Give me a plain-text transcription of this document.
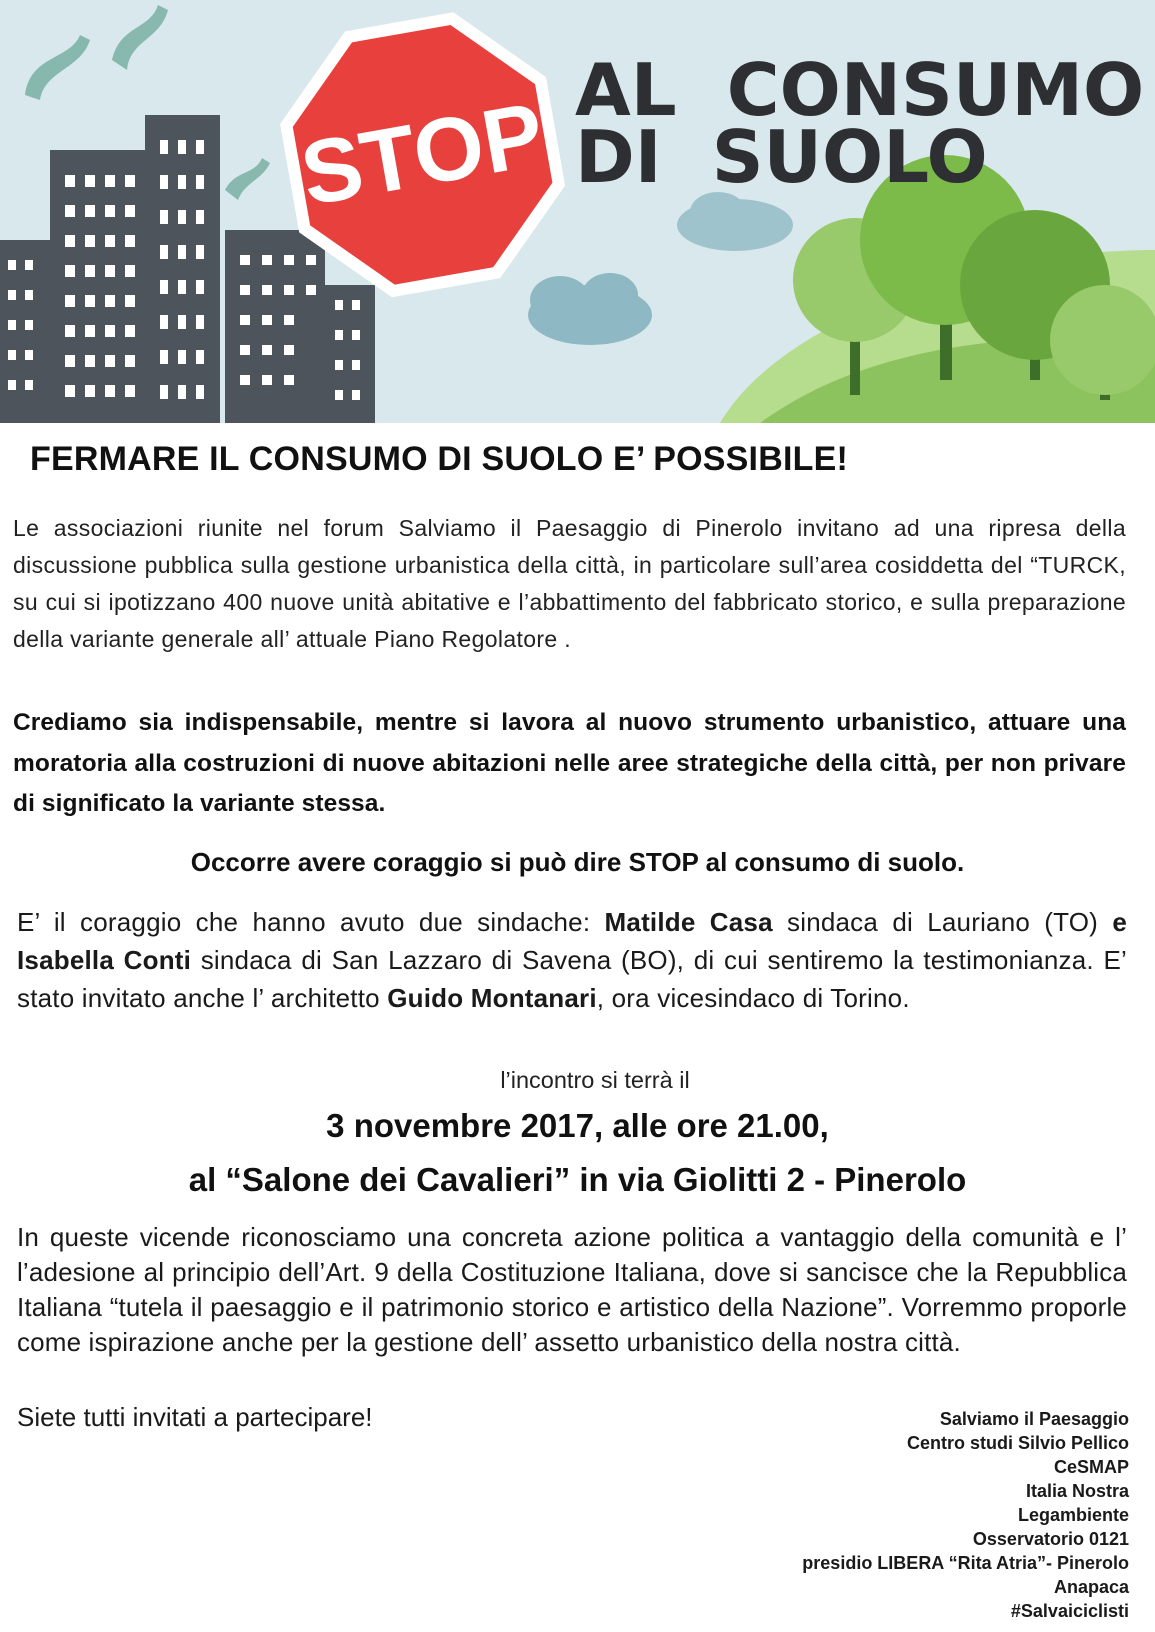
STOP AL  CONSUMO
DI  SUOLO
FERMARE IL CONSUMO DI SUOLO E’ POSSIBILE!

Le associazioni riunite nel forum Salviamo il Paesaggio di Pinerolo invitano ad una ripresa della discussione pubblica sulla gestione urbanistica della città, in particolare sull’area cosiddetta del “TURCK, su cui si ipotizzano 400 nuove unità abitative e l’abbattimento del fabbricato storico, e sulla preparazione della variante generale all’ attuale Piano Regolatore .

Crediamo sia indispensabile, mentre si lavora al nuovo strumento urbanistico, attuare una moratoria alla costruzioni di nuove abitazioni nelle aree strategiche della città, per non privare di significato la variante stessa.

Occorre avere coraggio si può dire STOP al consumo di suolo.

E’ il coraggio che hanno avuto due sindache: Matilde Casa sindaca di Lauriano (TO) e Isabella Conti sindaca di San Lazzaro di Savena (BO), di cui sentiremo la testimonianza. E’ stato invitato anche l’ architetto Guido Montanari, ora vicesindaco di Torino.

l’incontro si terrà il
3 novembre 2017, alle ore 21.00,
al “Salone dei Cavalieri” in via Giolitti 2 - Pinerolo

In queste vicende riconosciamo una concreta azione politica a vantaggio della comunità e l’ l’adesione al principio dell’Art. 9 della Costituzione Italiana, dove si sancisce che la Repubblica Italiana “tutela il paesaggio e il patrimonio storico e artistico della Nazione”. Vorremmo proporle come ispirazione anche per la gestione dell’ assetto urbanistico della nostra città.

Siete tutti invitati a partecipare!	Salviamo il Paesaggio
Centro studi Silvio Pellico
CeSMAP
Italia Nostra
Legambiente
Osservatorio 0121
presidio LIBERA “Rita Atria”- Pinerolo
Anapaca
#Salvaiciclisti
